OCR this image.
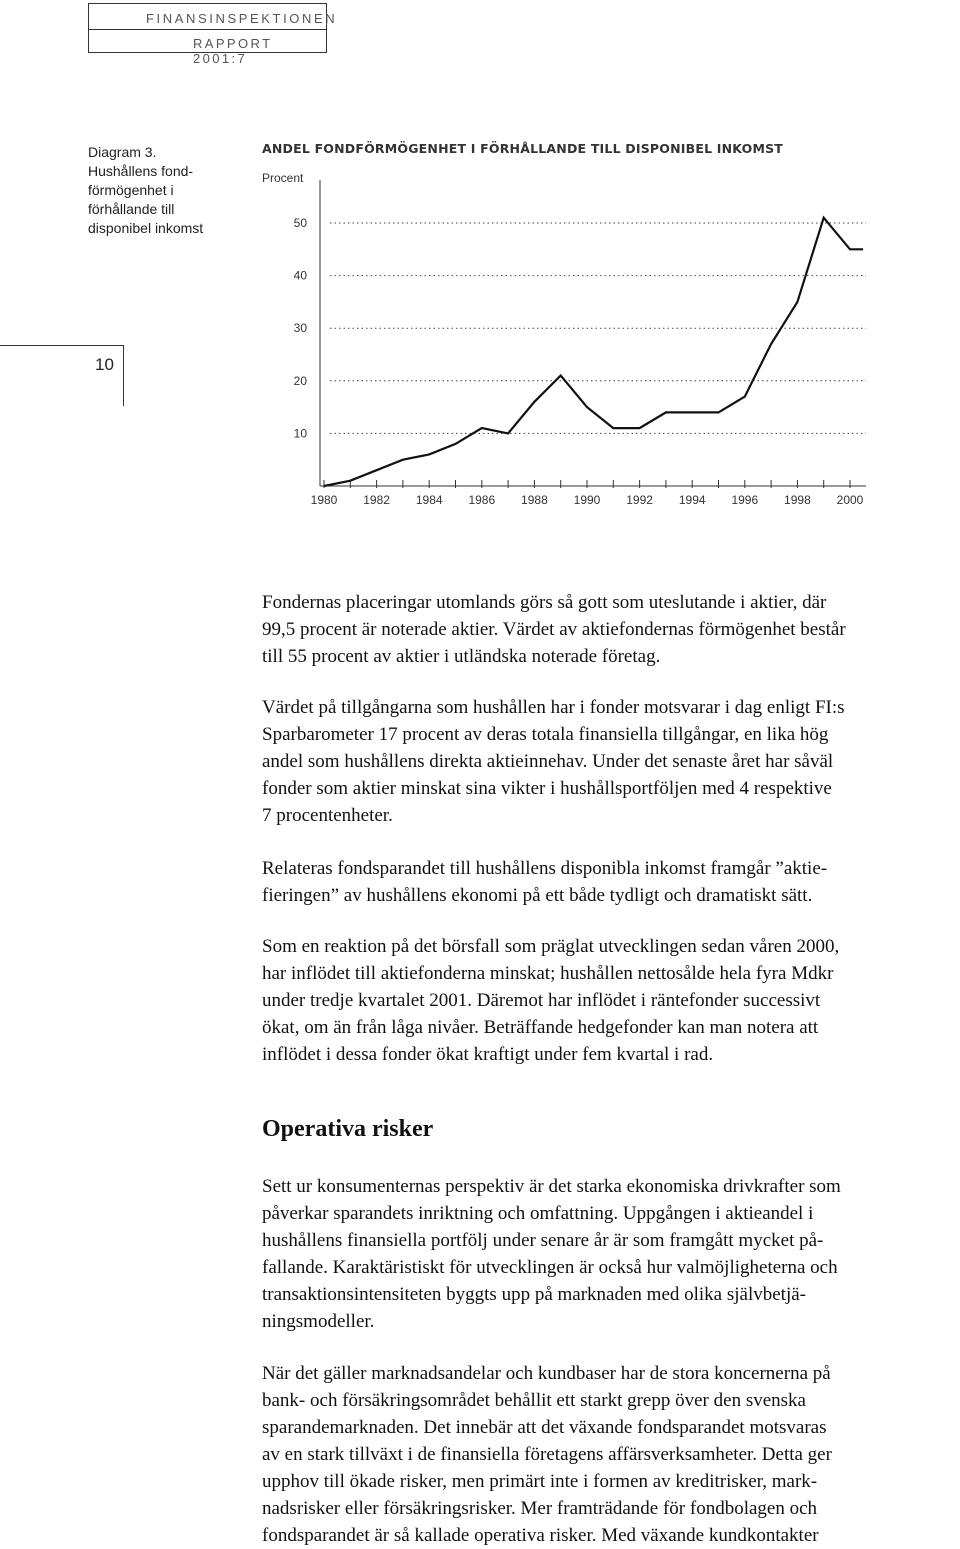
FINANSINSPEKTIONEN
RAPPORT 2001:7
10
Diagram 3.
Hushållens fond-
förmögenhet i
förhållande till
disponibel inkomst
ANDEL FONDFÖRMÖGENHET I FÖRHÅLLANDE TILL DISPONIBEL INKOMST
Procent
10
20
30
40
50
1980 1982 1984 1986 1988 1990 1992 1994 1996 1998 2000

Fondernas placeringar utomlands görs så gott som uteslutande i aktier, där
99,5 procent är noterade aktier. Värdet av aktiefondernas förmögenhet består
till 55 procent av aktier i utländska noterade företag.

Värdet på tillgångarna som hushållen har i fonder motsvarar i dag enligt FI:s
Sparbarometer 17 procent av deras totala finansiella tillgångar, en lika hög
andel som hushållens direkta aktieinnehav. Under det senaste året har såväl
fonder som aktier minskat sina vikter i hushållsportföljen med 4 respektive
7 procentenheter.

Relateras fondsparandet till hushållens disponibla inkomst framgår ”aktie-
fieringen” av hushållens ekonomi på ett både tydligt och dramatiskt sätt.

Som en reaktion på det börsfall som präglat utvecklingen sedan våren 2000,
har inflödet till aktiefonderna minskat; hushållen nettosålde hela fyra Mdkr
under tredje kvartalet 2001. Däremot har inflödet i räntefonder successivt
ökat, om än från låga nivåer. Beträffande hedgefonder kan man notera att
inflödet i dessa fonder ökat kraftigt under fem kvartal i rad.

Operativa risker

Sett ur konsumenternas perspektiv är det starka ekonomiska drivkrafter som
påverkar sparandets inriktning och omfattning. Uppgången i aktieandel i
hushållens finansiella portfölj under senare år är som framgått mycket på-
fallande. Karaktäristiskt för utvecklingen är också hur valmöjligheterna och
transaktionsintensiteten byggts upp på marknaden med olika självbetjä-
ningsmodeller.

När det gäller marknadsandelar och kundbaser har de stora koncernerna på
bank- och försäkringsområdet behållit ett starkt grepp över den svenska
sparandemarknaden. Det innebär att det växande fondsparandet motsvaras
av en stark tillväxt i de finansiella företagens affärsverksamheter. Detta ger
upphov till ökade risker, men primärt inte i formen av kreditrisker, mark-
nadsrisker eller försäkringsrisker. Mer framträdande för fondbolagen och
fondsparandet är så kallade operativa risker. Med växande kundkontakter
